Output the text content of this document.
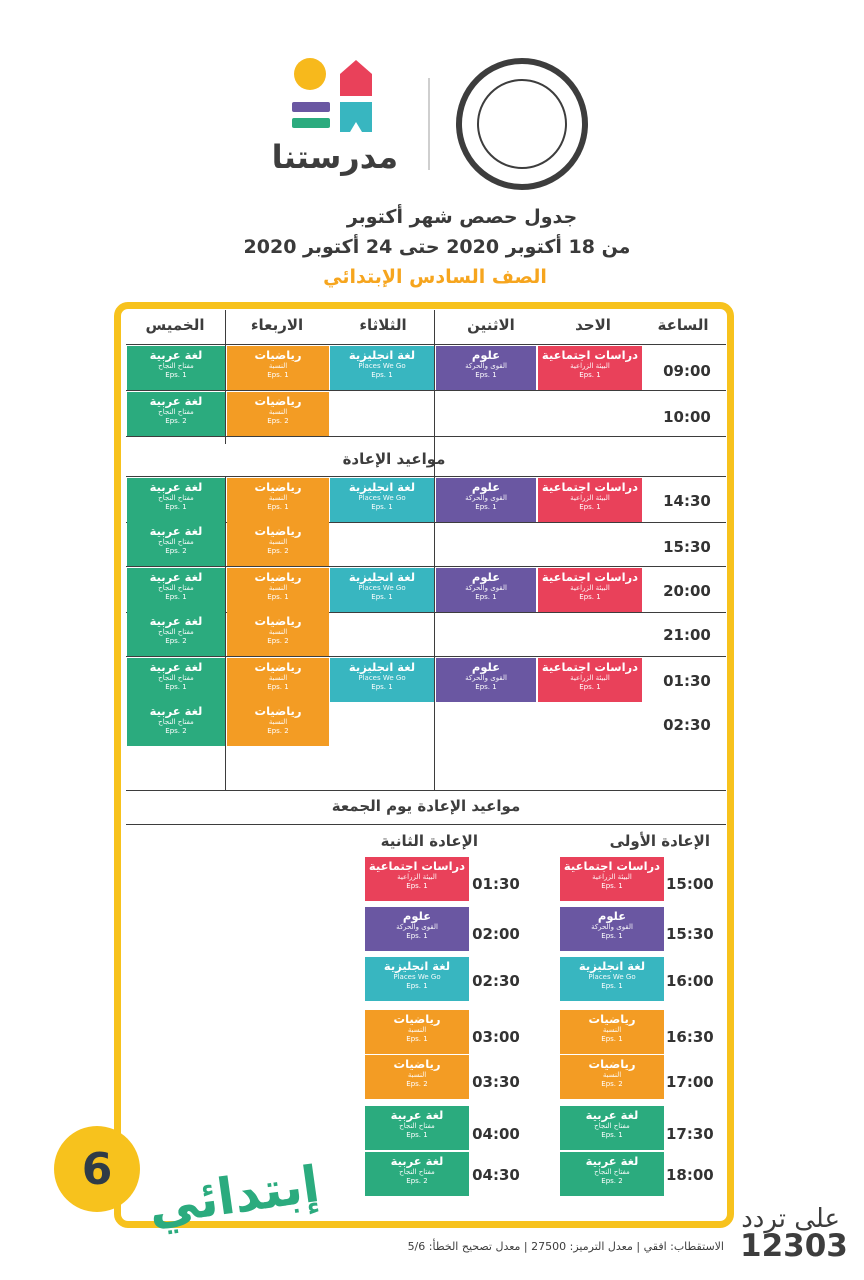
مدرستنا
جدول حصص شهر أكتوبر
من 18 أكتوبر 2020 حتى 24 أكتوبر 2020
الصف السادس الإبتدائي
الساعة
الاحد
الاثنين
الثلاثاء
الاربعاء
الخميس
09:00
10:00
14:30
15:30
20:00
21:00
01:30
02:30
مواعيد الإعادة
مواعيد الإعادة يوم الجمعة
دراسات اجتماعية
البيئة الزراعية
Eps. 1
علوم
القوى والحركة
Eps. 1
لغة انجليزية
Places We Go
Eps. 1
رياضيات
النسبة
Eps. 1
لغة عربية
مفتاح النجاح
Eps. 1
رياضيات
النسبة
Eps. 2
لغة عربية
مفتاح النجاح
Eps. 2
دراسات اجتماعية
البيئة الزراعية
Eps. 1
علوم
القوى والحركة
Eps. 1
لغة انجليزية
Places We Go
Eps. 1
رياضيات
النسبة
Eps. 1
لغة عربية
مفتاح النجاح
Eps. 1
رياضيات
النسبة
Eps. 2
لغة عربية
مفتاح النجاح
Eps. 2
دراسات اجتماعية
البيئة الزراعية
Eps. 1
علوم
القوى والحركة
Eps. 1
لغة انجليزية
Places We Go
Eps. 1
رياضيات
النسبة
Eps. 1
لغة عربية
مفتاح النجاح
Eps. 1
رياضيات
النسبة
Eps. 2
لغة عربية
مفتاح النجاح
Eps. 2
دراسات اجتماعية
البيئة الزراعية
Eps. 1
علوم
القوى والحركة
Eps. 1
لغة انجليزية
Places We Go
Eps. 1
رياضيات
النسبة
Eps. 1
لغة عربية
مفتاح النجاح
Eps. 1
رياضيات
النسبة
Eps. 2
لغة عربية
مفتاح النجاح
Eps. 2
الإعادة الأولى
الإعادة الثانية
دراسات اجتماعية
البيئة الزراعية
Eps. 1
علوم
القوى والحركة
Eps. 1
لغة انجليزية
Places We Go
Eps. 1
رياضيات
النسبة
Eps. 1
رياضيات
النسبة
Eps. 2
لغة عربية
مفتاح النجاح
Eps. 1
لغة عربية
مفتاح النجاح
Eps. 2
15:00
15:30
16:00
16:30
17:00
17:30
18:00
دراسات اجتماعية
البيئة الزراعية
Eps. 1
علوم
القوى والحركة
Eps. 1
لغة انجليزية
Places We Go
Eps. 1
رياضيات
النسبة
Eps. 1
رياضيات
النسبة
Eps. 2
لغة عربية
مفتاح النجاح
Eps. 1
لغة عربية
مفتاح النجاح
Eps. 2
01:30
02:00
02:30
03:00
03:30
04:00
04:30
6 إبتدائي	على تردد
12303
الاستقطاب: افقي | معدل الترميز: 27500 | معدل تصحيح الخطأ: 5/6
